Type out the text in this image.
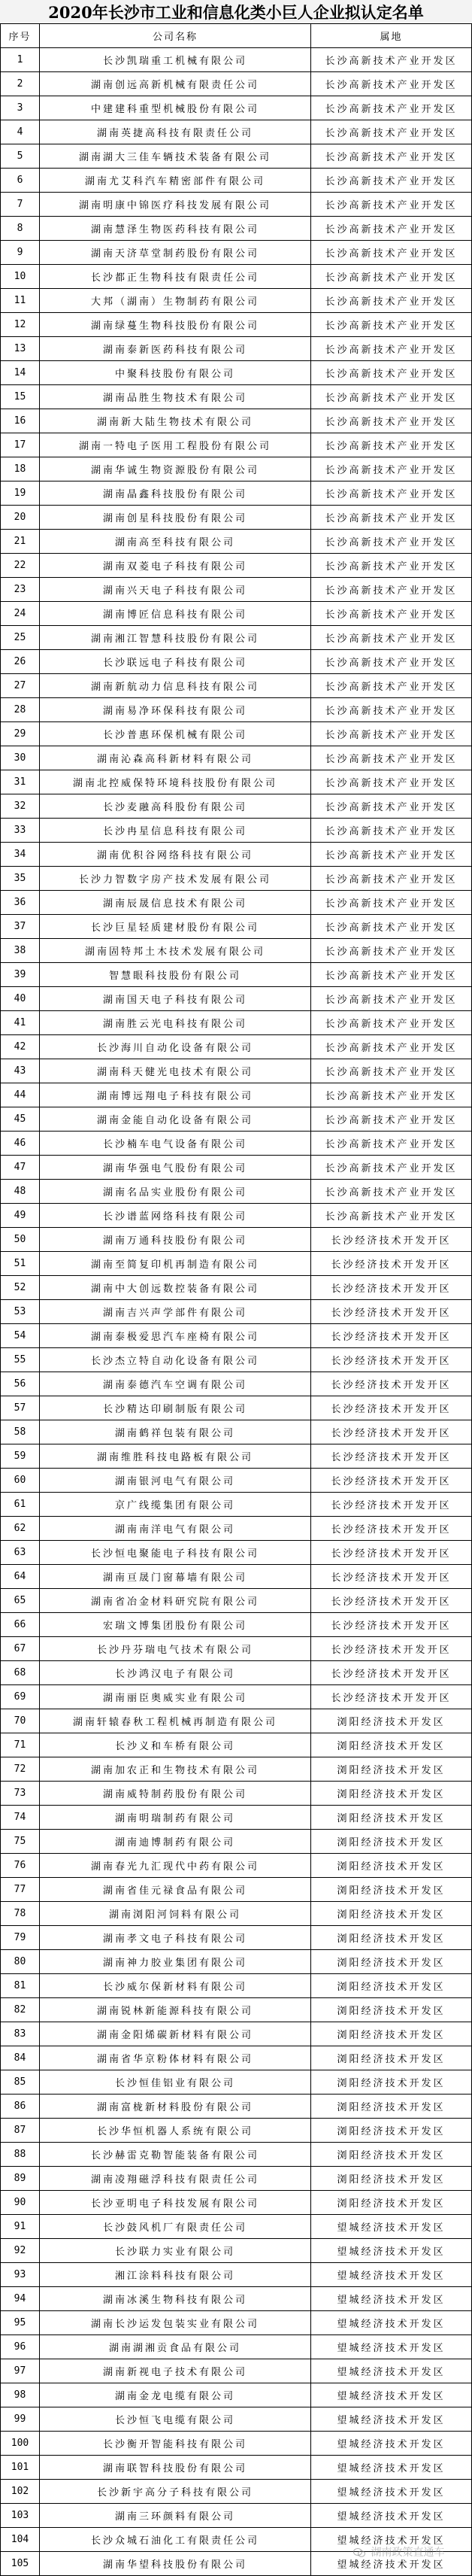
2020年长沙市工业和信息化类小巨人企业拟认定名单
序号	公司名称	属地
1	长沙凯瑞重工机械有限公司	长沙高新技术产业开发区
2	湖南创远高新机械有限责任公司	长沙高新技术产业开发区
3	中建建科重型机械股份有限公司	长沙高新技术产业开发区
4	湖南英捷高科技有限责任公司	长沙高新技术产业开发区
5	湖南湖大三佳车辆技术装备有限公司	长沙高新技术产业开发区
6	湖南尤艾科汽车精密部件有限公司	长沙高新技术产业开发区
7	湖南明康中锦医疗科技发展有限公司	长沙高新技术产业开发区
8	湖南慧泽生物医药科技有限公司	长沙高新技术产业开发区
9	湖南天济草堂制药股份有限公司	长沙高新技术产业开发区
10	长沙都正生物科技有限责任公司	长沙高新技术产业开发区
11	大邦（湖南）生物制药有限公司	长沙高新技术产业开发区
12	湖南绿蔓生物科技股份有限公司	长沙高新技术产业开发区
13	湖南泰新医药科技有限公司	长沙高新技术产业开发区
14	中聚科技股份有限公司	长沙高新技术产业开发区
15	湖南品胜生物技术有限公司	长沙高新技术产业开发区
16	湖南新大陆生物技术有限公司	长沙高新技术产业开发区
17	湖南一特电子医用工程股份有限公司	长沙高新技术产业开发区
18	湖南华诚生物资源股份有限公司	长沙高新技术产业开发区
19	湖南晶鑫科技股份有限公司	长沙高新技术产业开发区
20	湖南创星科技股份有限公司	长沙高新技术产业开发区
21	湖南高至科技有限公司	长沙高新技术产业开发区
22	湖南双菱电子科技有限公司	长沙高新技术产业开发区
23	湖南兴天电子科技有限公司	长沙高新技术产业开发区
24	湖南博匠信息科技有限公司	长沙高新技术产业开发区
25	湖南湘江智慧科技股份有限公司	长沙高新技术产业开发区
26	长沙联远电子科技有限公司	长沙高新技术产业开发区
27	湖南新航动力信息科技有限公司	长沙高新技术产业开发区
28	湖南易净环保科技有限公司	长沙高新技术产业开发区
29	长沙普惠环保机械有限公司	长沙高新技术产业开发区
30	湖南沁森高科新材料有限公司	长沙高新技术产业开发区
31	湖南北控威保特环境科技股份有限公司	长沙高新技术产业开发区
32	长沙麦融高科股份有限公司	长沙高新技术产业开发区
33	长沙冉星信息科技有限公司	长沙高新技术产业开发区
34	湖南优积谷网络科技有限公司	长沙高新技术产业开发区
35	长沙力智数字房产技术发展有限公司	长沙高新技术产业开发区
36	湖南辰晟信息技术有限公司	长沙高新技术产业开发区
37	长沙巨星轻质建材股份有限公司	长沙高新技术产业开发区
38	湖南固特邦土木技术发展有限公司	长沙高新技术产业开发区
39	智慧眼科技股份有限公司	长沙高新技术产业开发区
40	湖南国天电子科技有限公司	长沙高新技术产业开发区
41	湖南胜云光电科技有限公司	长沙高新技术产业开发区
42	长沙海川自动化设备有限公司	长沙高新技术产业开发区
43	湖南科天健光电技术有限公司	长沙高新技术产业开发区
44	湖南博远翔电子科技有限公司	长沙高新技术产业开发区
45	湖南金能自动化设备有限公司	长沙高新技术产业开发区
46	长沙楠车电气设备有限公司	长沙高新技术产业开发区
47	湖南华强电气股份有限公司	长沙高新技术产业开发区
48	湖南名品实业股份有限公司	长沙高新技术产业开发区
49	长沙谱蓝网络科技有限公司	长沙高新技术产业开发区
50	湖南万通科技股份有限公司	长沙经济技术开发开区
51	湖南至简复印机再制造有限公司	长沙经济技术开发开区
52	湖南中大创远数控装备有限公司	长沙经济技术开发开区
53	湖南吉兴声学部件有限公司	长沙经济技术开发开区
54	湖南泰极爱思汽车座椅有限公司	长沙经济技术开发开区
55	长沙杰立特自动化设备有限公司	长沙经济技术开发开区
56	湖南泰德汽车空调有限公司	长沙经济技术开发开区
57	长沙精达印刷制版有限公司	长沙经济技术开发开区
58	湖南鹤祥包装有限公司	长沙经济技术开发开区
59	湖南维胜科技电路板有限公司	长沙经济技术开发开区
60	湖南银河电气有限公司	长沙经济技术开发开区
61	京广线缆集团有限公司	长沙经济技术开发开区
62	湖南南洋电气有限公司	长沙经济技术开发开区
63	长沙恒电聚能电子科技有限公司	长沙经济技术开发开区
64	湖南亘晟门窗幕墙有限公司	长沙经济技术开发开区
65	湖南省冶金材料研究院有限公司	长沙经济技术开发开区
66	宏瑞文博集团股份有限公司	长沙经济技术开发开区
67	长沙丹芬瑞电气技术有限公司	长沙经济技术开发开区
68	长沙鸿汉电子有限公司	长沙经济技术开发开区
69	湖南丽臣奥威实业有限公司	长沙经济技术开发开区
70	湖南轩辕春秋工程机械再制造有限公司	浏阳经济技术开发区
71	长沙义和车桥有限公司	浏阳经济技术开发区
72	湖南加农正和生物技术有限公司	浏阳经济技术开发区
73	湖南威特制药股份有限公司	浏阳经济技术开发区
74	湖南明瑞制药有限公司	浏阳经济技术开发区
75	湖南迪博制药有限公司	浏阳经济技术开发区
76	湖南春光九汇现代中药有限公司	浏阳经济技术开发区
77	湖南省佳元禄食品有限公司	浏阳经济技术开发区
78	湖南浏阳河饲料有限公司	浏阳经济技术开发区
79	湖南孝文电子科技有限公司	浏阳经济技术开发区
80	湖南神力胶业集团有限公司	浏阳经济技术开发区
81	长沙威尔保新材料有限公司	浏阳经济技术开发区
82	湖南锐林新能源科技有限公司	浏阳经济技术开发区
83	湖南金阳烯碳新材料有限公司	浏阳经济技术开发区
84	湖南省华京粉体材料有限公司	浏阳经济技术开发区
85	长沙恒佳铝业有限公司	浏阳经济技术开发区
86	湖南富栊新材料股份有限公司	浏阳经济技术开发区
87	长沙华恒机器人系统有限公司	浏阳经济技术开发区
88	长沙赫雷克勒智能装备有限公司	浏阳经济技术开发区
89	湖南凌翔磁浮科技有限责任公司	浏阳经济技术开发区
90	长沙亚明电子科技发展有限公司	浏阳经济技术开发区
91	长沙鼓风机厂有限责任公司	望城经济技术开发区
92	长沙联力实业有限公司	望城经济技术开发区
93	湘江涂料科技有限公司	望城经济技术开发区
94	湖南冰溪生物科技有限公司	望城经济技术开发区
95	湖南长沙运发包装实业有限公司	望城经济技术开发区
96	湖南湖湘贡食品有限公司	望城经济技术开发区
97	湖南新视电子技术有限公司	望城经济技术开发区
98	湖南金龙电缆有限公司	望城经济技术开发区
99	长沙恒飞电缆有限公司	望城经济技术开发区
100	长沙衡开智能科技有限公司	望城经济技术开发区
101	湖南联智科技股份有限公司	望城经济技术开发区
102	长沙新宇高分子科技有限公司	望城经济技术开发区
103	湖南三环颜料有限公司	望城经济技术开发区
104	长沙众城石油化工有限责任公司	望城经济技术开发区
105	湖南华望科技股份有限公司	望城经济技术开发区
湖南政策直通车
